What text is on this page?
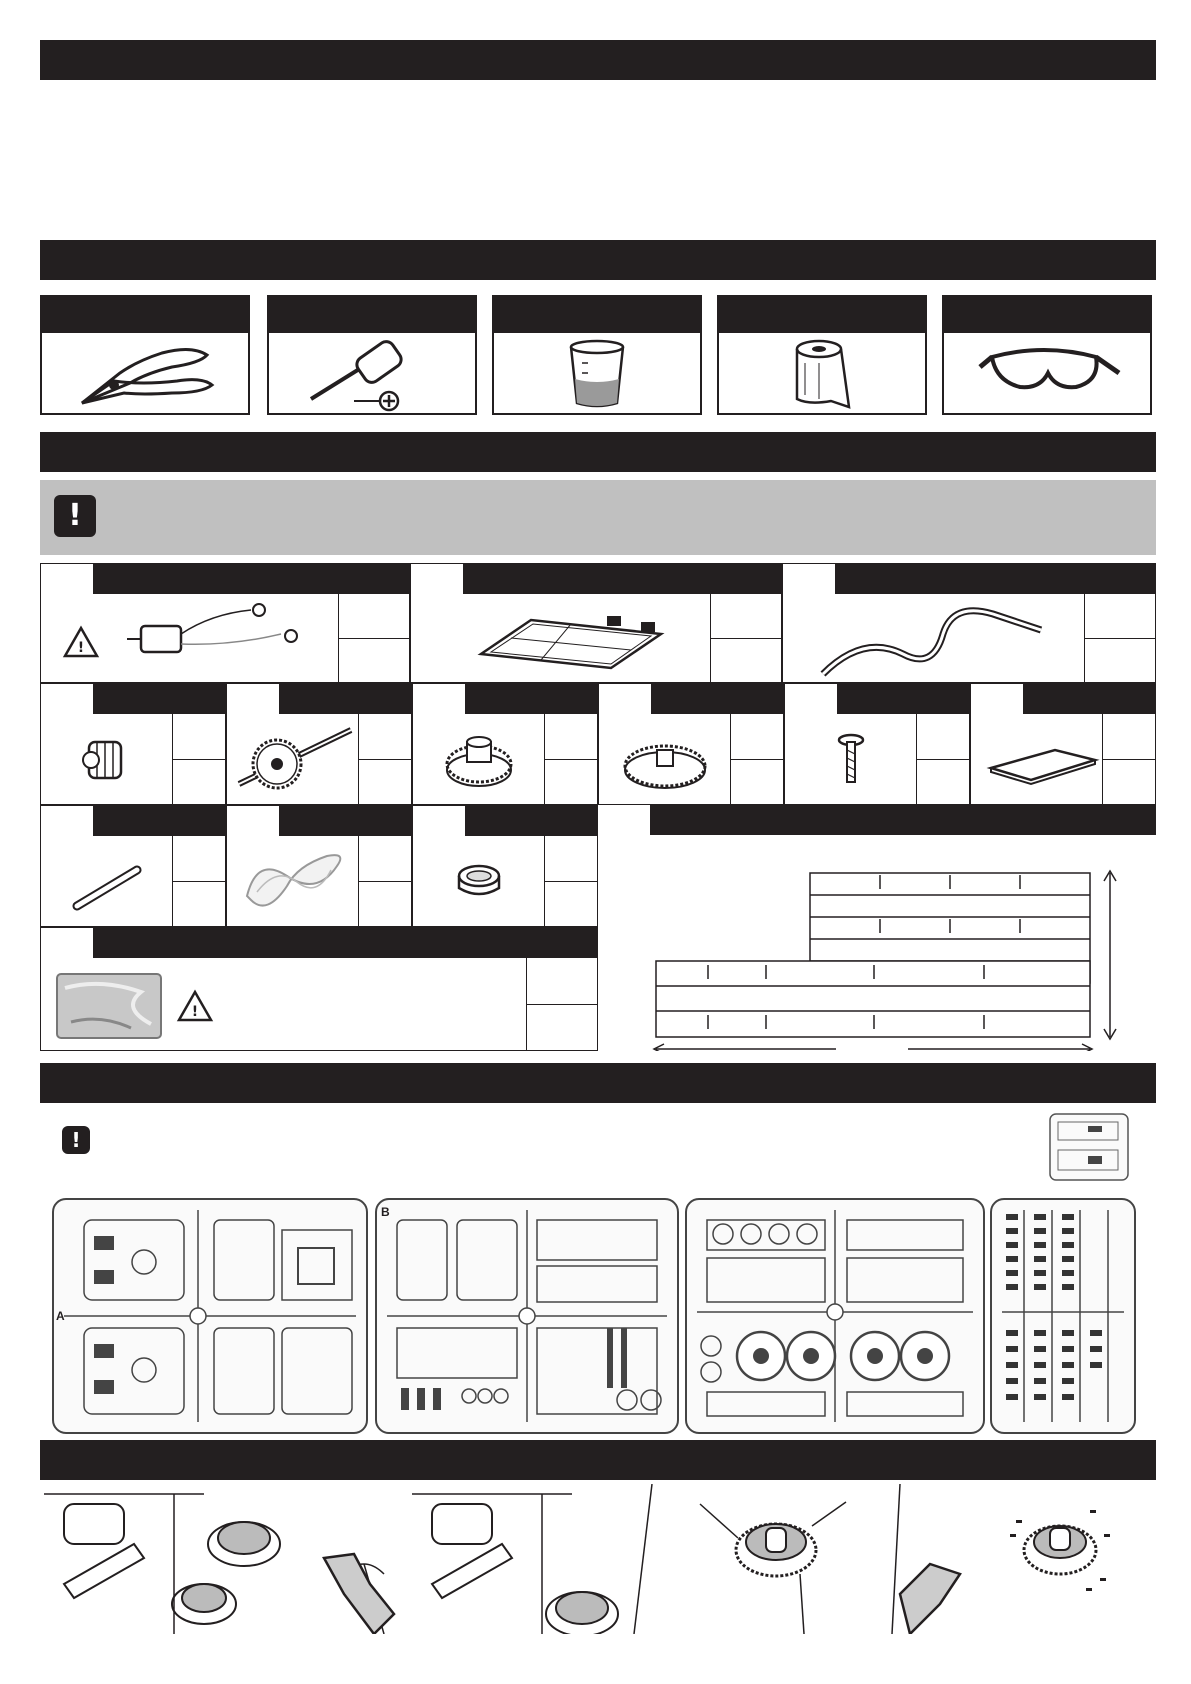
!
!
!
!
A
B
